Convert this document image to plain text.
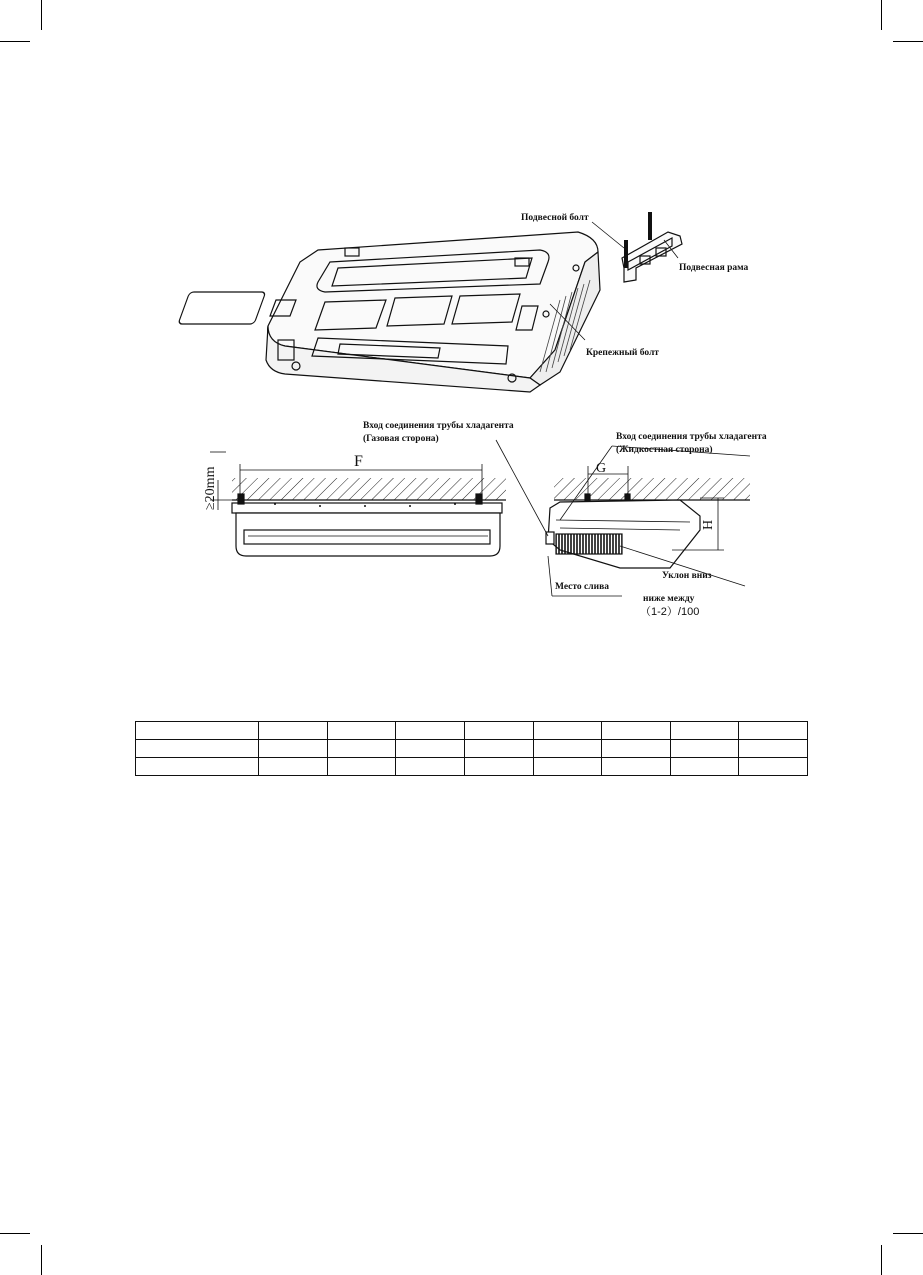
Подвесной болт
Подвесная рама
Крепежный болт
F
≥20mm	G
H
Вход соединения трубы хладагента
(Газовая сторона)	Вход соединения трубы хладагента
(Жидкостная сторона)
Уклон вниз
Место слива
ниже между
（1-2）/100
